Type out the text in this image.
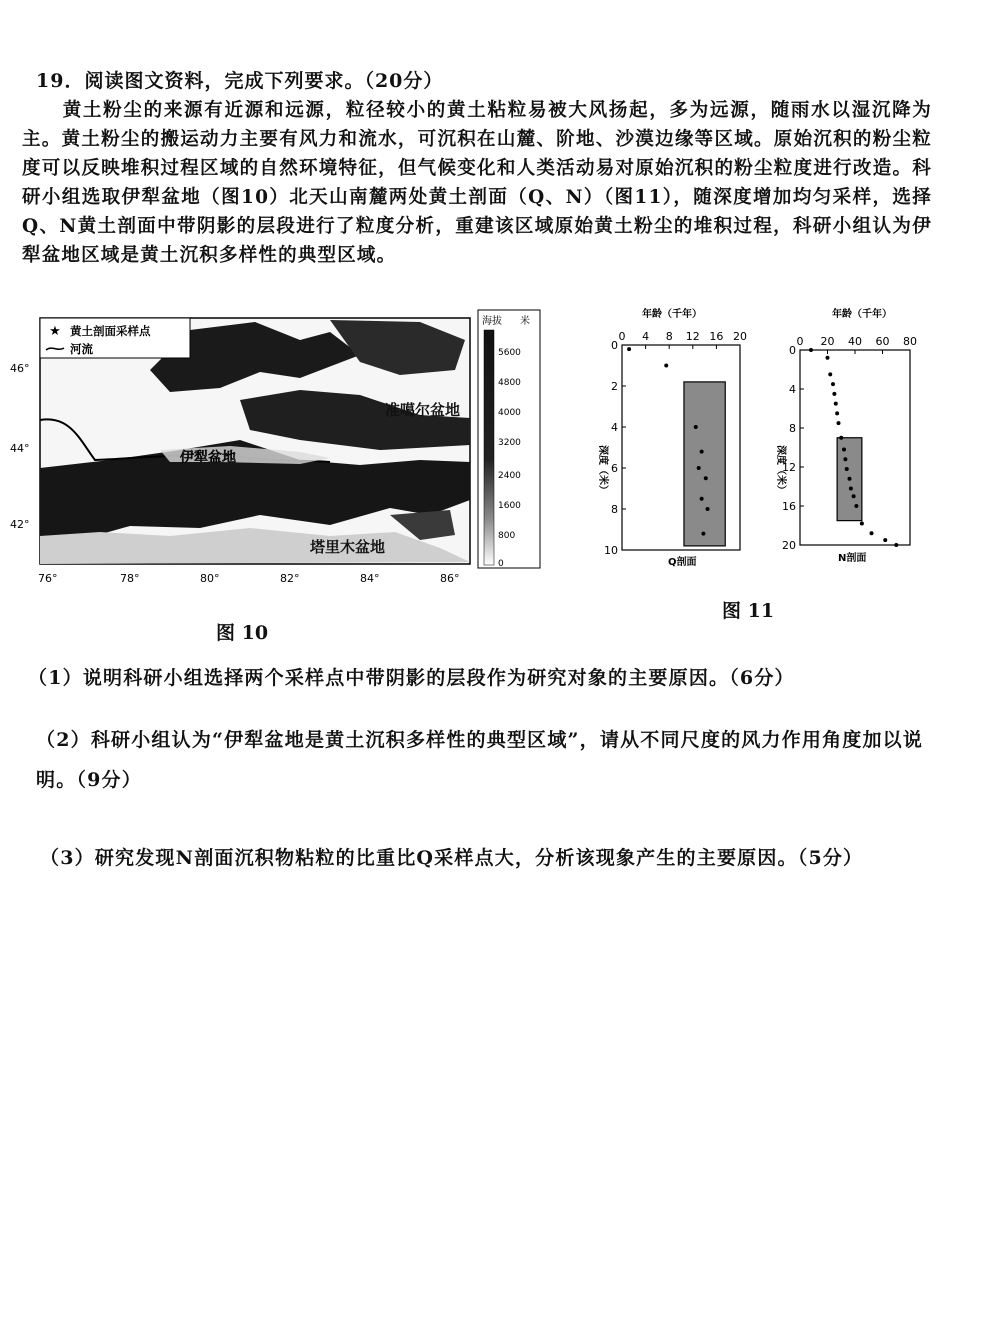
19．阅读图文资料，完成下列要求。（20分）
黄土粉尘的来源有近源和远源，粒径较小的黄土粘粒易被大风扬起，多为远源，随雨水以湿沉降为主。黄土粉尘的搬运动力主要有风力和流水，可沉积在山麓、阶地、沙漠边缘等区域。原始沉积的粉尘粒度可以反映堆积过程区域的自然环境特征，但气候变化和人类活动易对原始沉积的粉尘粒度进行改造。科研小组选取伊犁盆地（图10）北天山南麓两处黄土剖面（Q、N）（图11），随深度增加均匀采样，选择Q、N黄土剖面中带阴影的层段进行了粒度分析，重建该区域原始黄土粉尘的堆积过程，科研小组认为伊犁盆地区域是黄土沉积多样性的典型区域。
★ 黄土剖面采样点
河流
准噶尔盆地
伊犁盆地
塔里木盆地
46°
44°
42°
76°	78°	80°	82°	84°	86°
海拔 米
5600
4800
4000
3200
2400
1600
800
0
图 10
年龄（千年）
深度（米）
0 4 8 12 16 20
0
2
4
6
8
10
Q剖面
年龄（千年）
深度（米）
0 20 40 60 80
0
4
8
12
16
20
N剖面
图 11
（1）说明科研小组选择两个采样点中带阴影的层段作为研究对象的主要原因。（6分）
（2）科研小组认为“伊犁盆地是黄土沉积多样性的典型区域”，请从不同尺度的风力作用角度加以说明。（9分）
（3）研究发现N剖面沉积物粘粒的比重比Q采样点大，分析该现象产生的主要原因。（5分）
